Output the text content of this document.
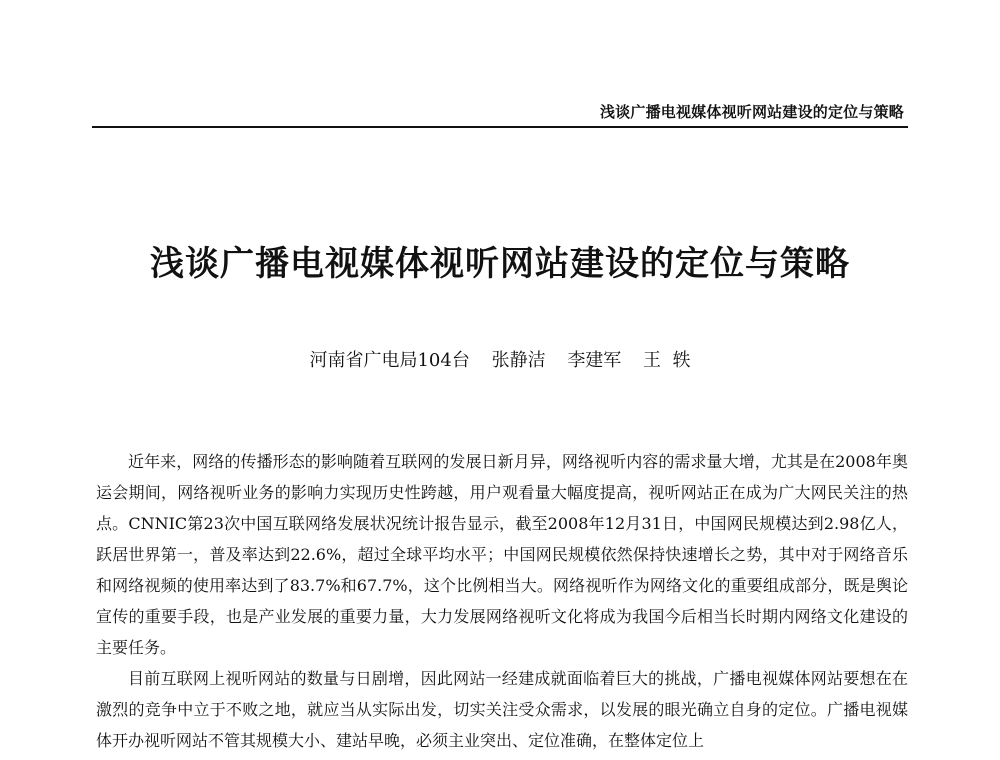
浅谈广播电视媒体视听网站建设的定位与策略
浅谈广播电视媒体视听网站建设的定位与策略
河南省广电局104台 张静洁 李建军 王  轶

近年来，网络的传播形态的影响随着互联网的发展日新月异，网络视听内容的需求量大增，尤其是在2008年奥运会期间，网络视听业务的影响力实现历史性跨越，用户观看量大幅度提高，视听网站正在成为广大网民关注的热点。CNNIC第23次中国互联网络发展状况统计报告显示，截至2008年12月31日，中国网民规模达到2.98亿人，跃居世界第一，普及率达到22.6%，超过全球平均水平；中国网民规模依然保持快速增长之势，其中对于网络音乐和网络视频的使用率达到了83.7%和67.7%，这个比例相当大。网络视听作为网络文化的重要组成部分，既是舆论宣传的重要手段，也是产业发展的重要力量，大力发展网络视听文化将成为我国今后相当长时期内网络文化建设的主要任务。

目前互联网上视听网站的数量与日剧增，因此网站一经建成就面临着巨大的挑战，广播电视媒体网站要想在在激烈的竞争中立于不败之地，就应当从实际出发，切实关注受众需求，以发展的眼光确立自身的定位。广播电视媒体开办视听网站不管其规模大小、建站早晚，必须主业突出、定位准确，在整体定位上
